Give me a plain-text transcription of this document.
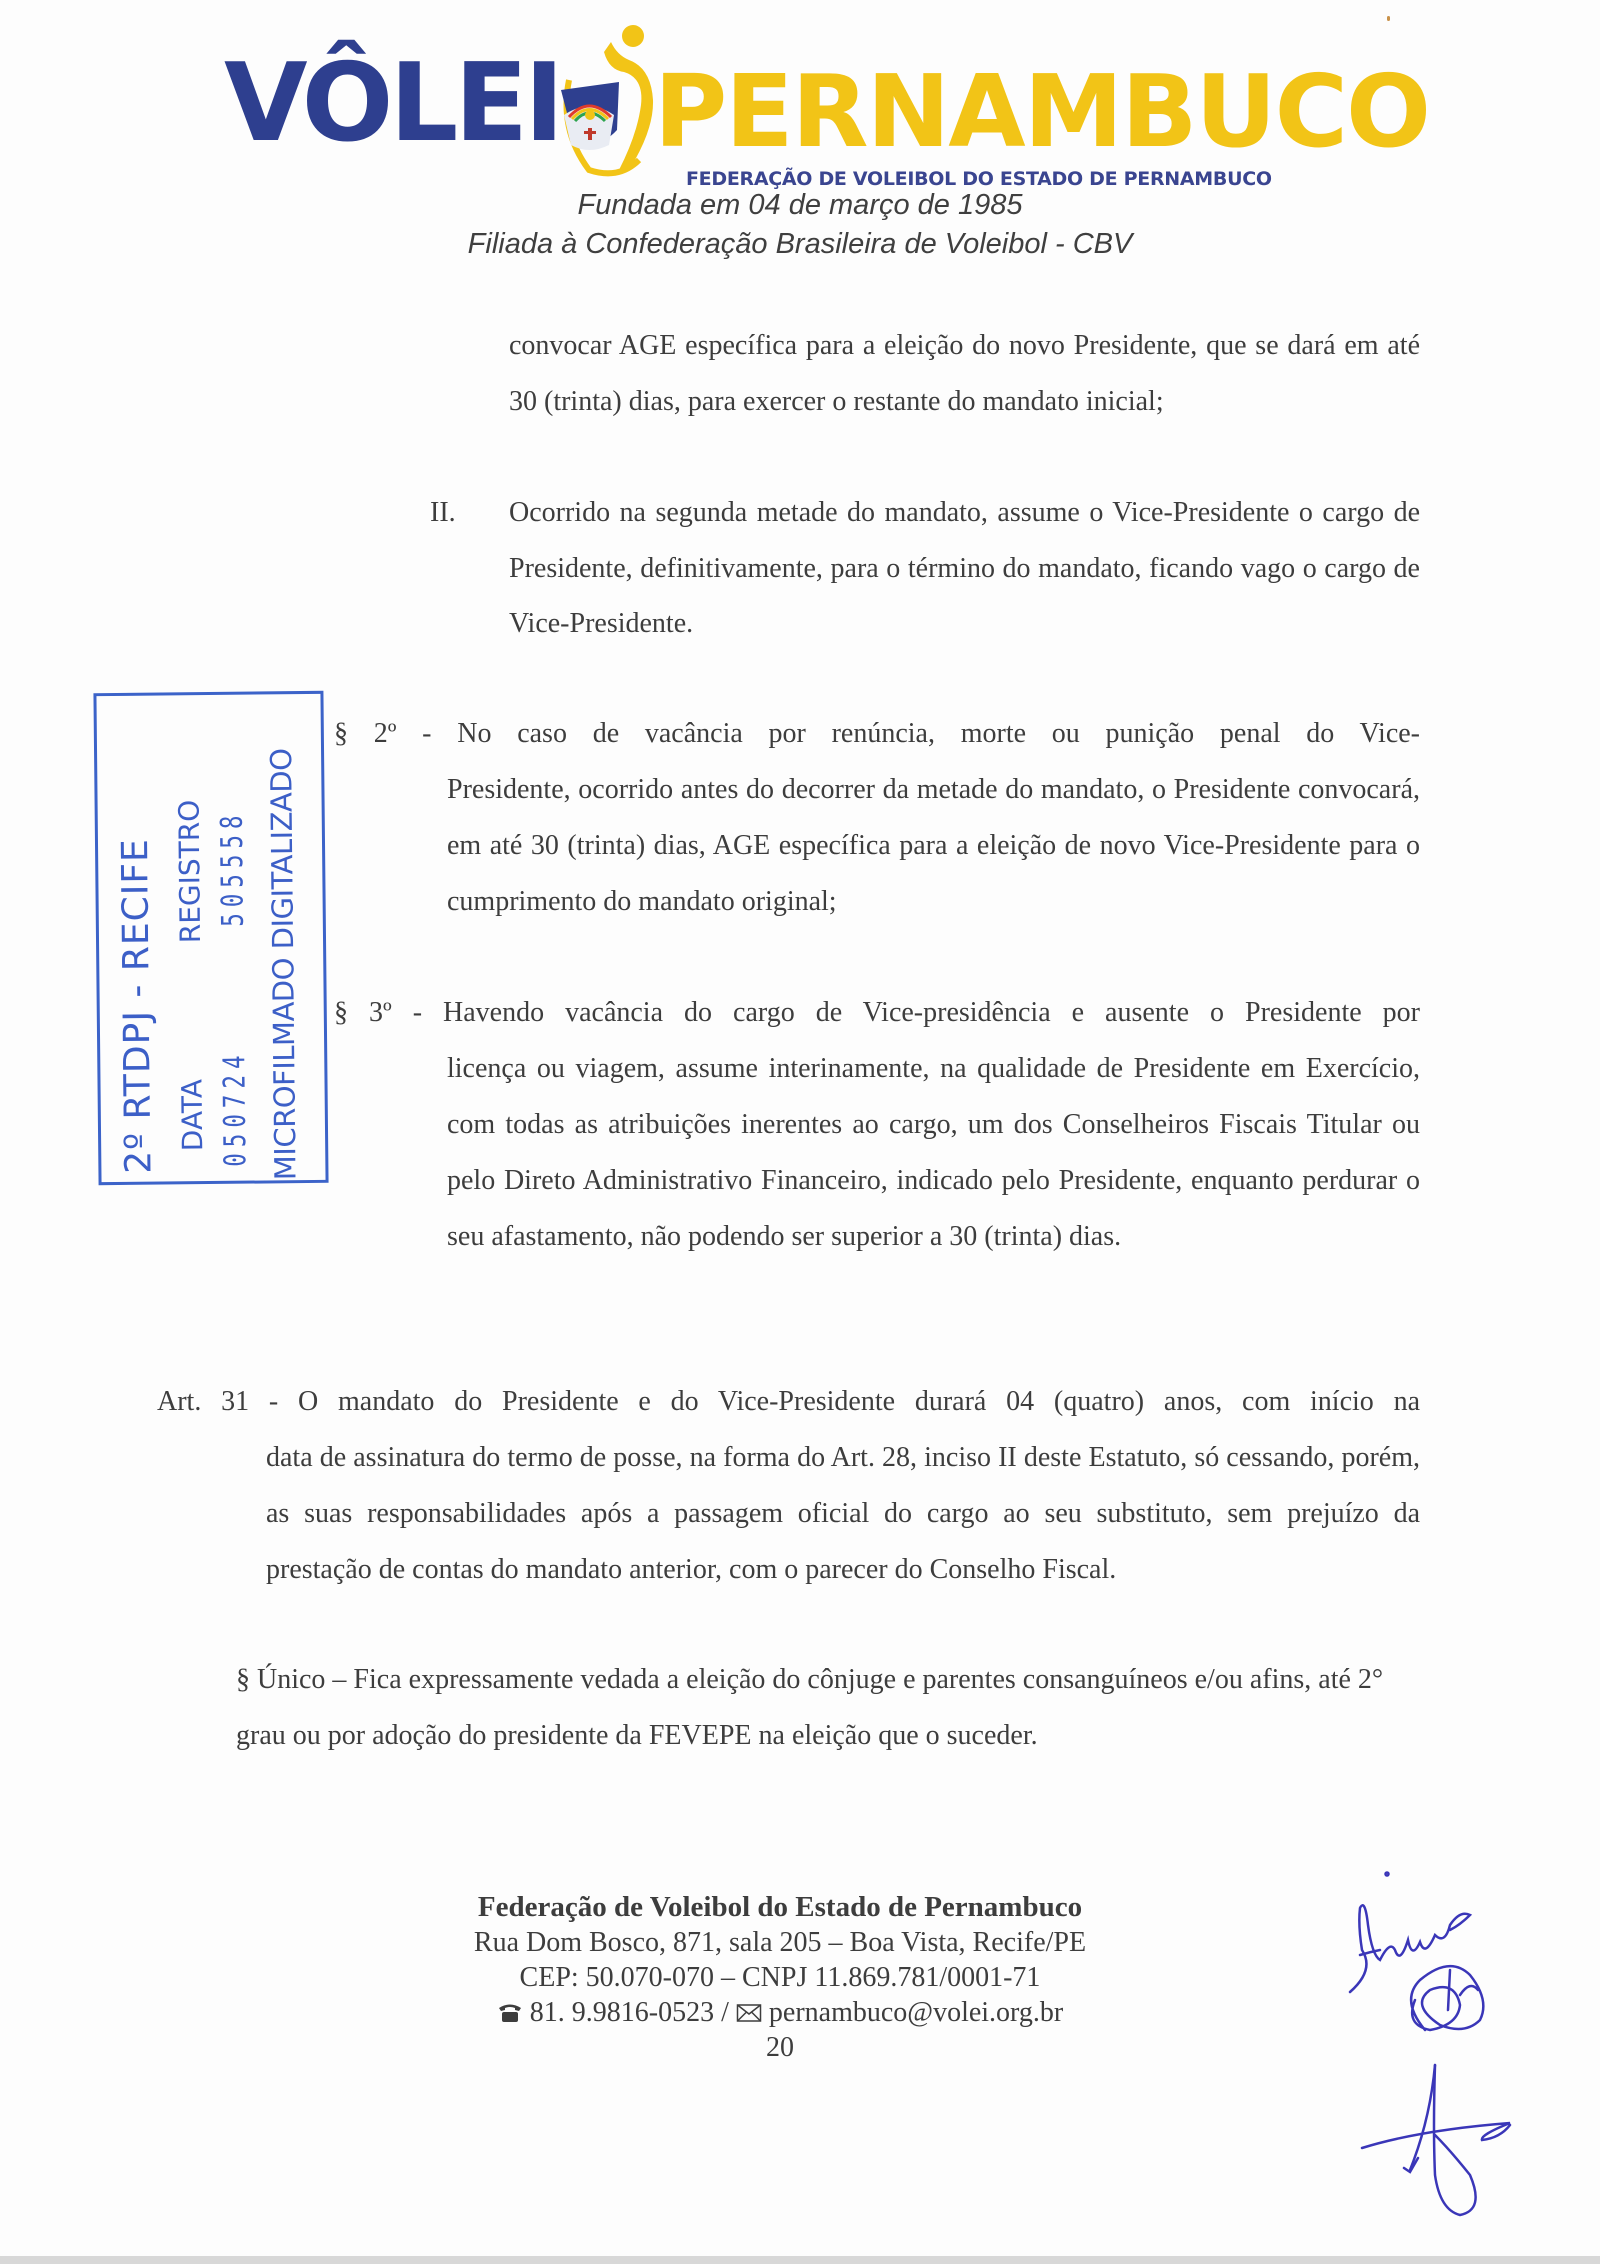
VÔLEI PERNAMBUCO
FEDERAÇÃO DE VOLEIBOL DO ESTADO DE PERNAMBUCO
Fundada em 04 de março de 1985
Filiada à Confederação Brasileira de Voleibol - CBV

convocar AGE específica para a eleição do novo Presidente, que se dará em até 30 (trinta) dias, para exercer o restante do mandato inicial;

II. Ocorrido na segunda metade do mandato, assume o Vice-Presidente o cargo de Presidente, definitivamente, para o término do mandato, ficando vago o cargo de Vice-Presidente.

§ 2º - No caso de vacância por renúncia, morte ou punição penal do Vice-
Presidente, ocorrido antes do decorrer da metade do mandato, o Presidente convocará, em até 30 (trinta) dias, AGE específica para a eleição de novo Vice-Presidente para o cumprimento do mandato original;
§ 3º - Havendo vacância do cargo de Vice-presidência e ausente o Presidente por
licença ou viagem, assume interinamente, na qualidade de Presidente em Exercício, com todas as atribuições inerentes ao cargo, um dos Conselheiros Fiscais Titular ou pelo Direto Administrativo Financeiro, indicado pelo Presidente, enquanto perdurar o seu afastamento, não podendo ser superior a 30 (trinta) dias.
Art. 31 - O mandato do Presidente e do Vice-Presidente durará 04 (quatro) anos, com início na
data de assinatura do termo de posse, na forma do Art. 28, inciso II deste Estatuto, só cessando, porém, as suas responsabilidades após a passagem oficial do cargo ao seu substituto, sem prejuízo da prestação de contas do mandato anterior, com o parecer do Conselho Fiscal.

§ Único – Fica expressamente vedada a eleição do cônjuge e parentes consanguíneos e/ou afins, até 2° grau ou por adoção do presidente da FEVEPE na eleição que o suceder.

2º RTDPJ - RECIFE DATA
REGISTRO
050724
505558 MICROFILMADO DIGITALIZADO
Federação de Voleibol do Estado de Pernambuco
Rua Dom Bosco, 871, sala 205 – Boa Vista, Recife/PE
CEP: 50.070-070 – CNPJ 11.869.781/0001-71
81. 9.9816-0523 / pernambuco@volei.org.br
20
